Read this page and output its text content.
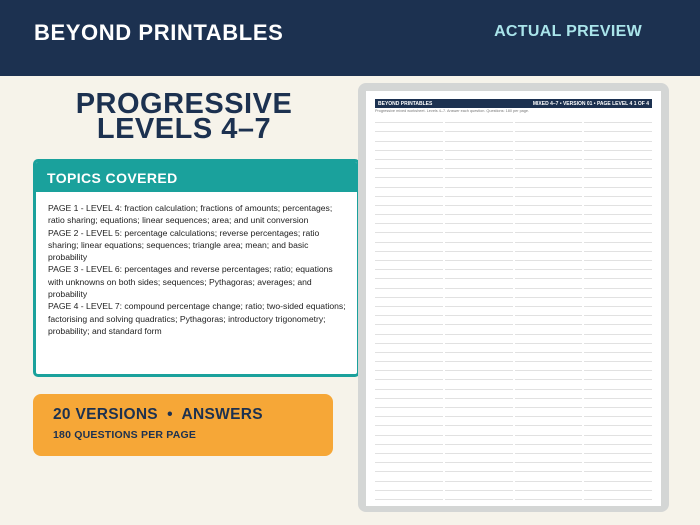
BEYOND PRINTABLES	ACTUAL PREVIEW
PROGRESSIVE
LEVELS 4–7
TOPICS COVERED

PAGE 1 - LEVEL 4: fraction calculation; fractions of amounts; percentages; ratio sharing; equations; linear sequences; area; and unit conversion

PAGE 2 - LEVEL 5: percentage calculations; reverse percentages; ratio sharing; linear equations; sequences; triangle area; mean; and basic probability

PAGE 3 - LEVEL 6: percentages and reverse percentages; ratio; equations with unknowns on both sides; sequences; Pythagoras; averages; and probability

PAGE 4 - LEVEL 7: compound percentage change; ratio; two-sided equations; factorising and solving quadratics; Pythagoras; introductory trigonometry; probability; and standard form

20 VERSIONS • ANSWERS
180 QUESTIONS PER PAGE
BEYOND PRINTABLES	MIXED 4–7 • VERSION 01 • PAGE LEVEL 4 1 OF 4
Progressive mixed worksheet. Levels 4–7. Answer each question. Questions: 180 per page.
